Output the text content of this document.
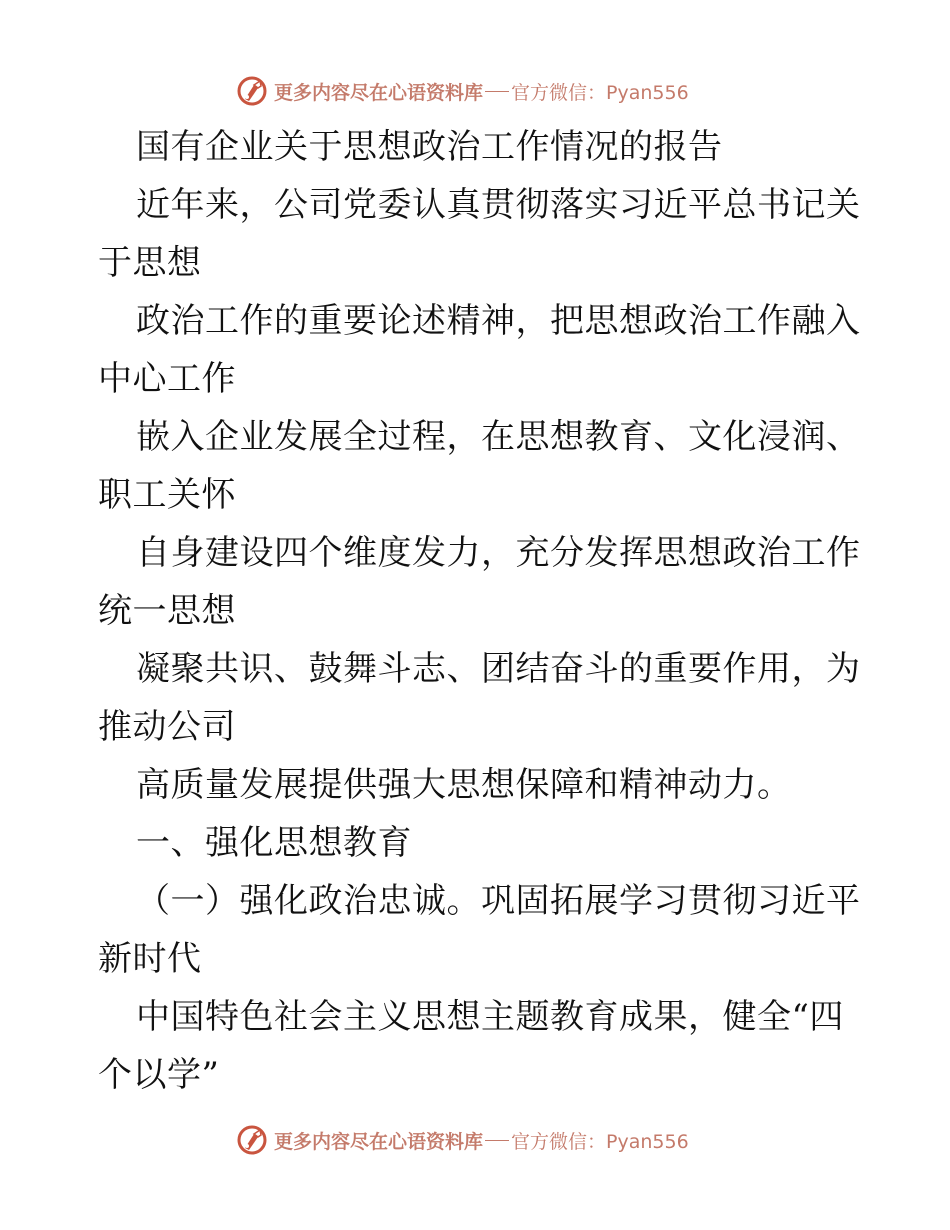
更多内容尽在心语资料库 官方微信：Pyan556
国有企业关于思想政治工作情况的报告
近年来，公司党委认真贯彻落实习近平总书记关
于思想
政治工作的重要论述精神，把思想政治工作融入
中心工作
嵌入企业发展全过程，在思想教育、文化浸润、
职工关怀
自身建设四个维度发力，充分发挥思想政治工作
统一思想
凝聚共识、鼓舞斗志、团结奋斗的重要作用，为
推动公司
高质量发展提供强大思想保障和精神动力。
一、强化思想教育
（一）强化政治忠诚。巩固拓展学习贯彻习近平
新时代
中国特色社会主义思想主题教育成果，健全“四
个以学”
更多内容尽在心语资料库 官方微信：Pyan556
